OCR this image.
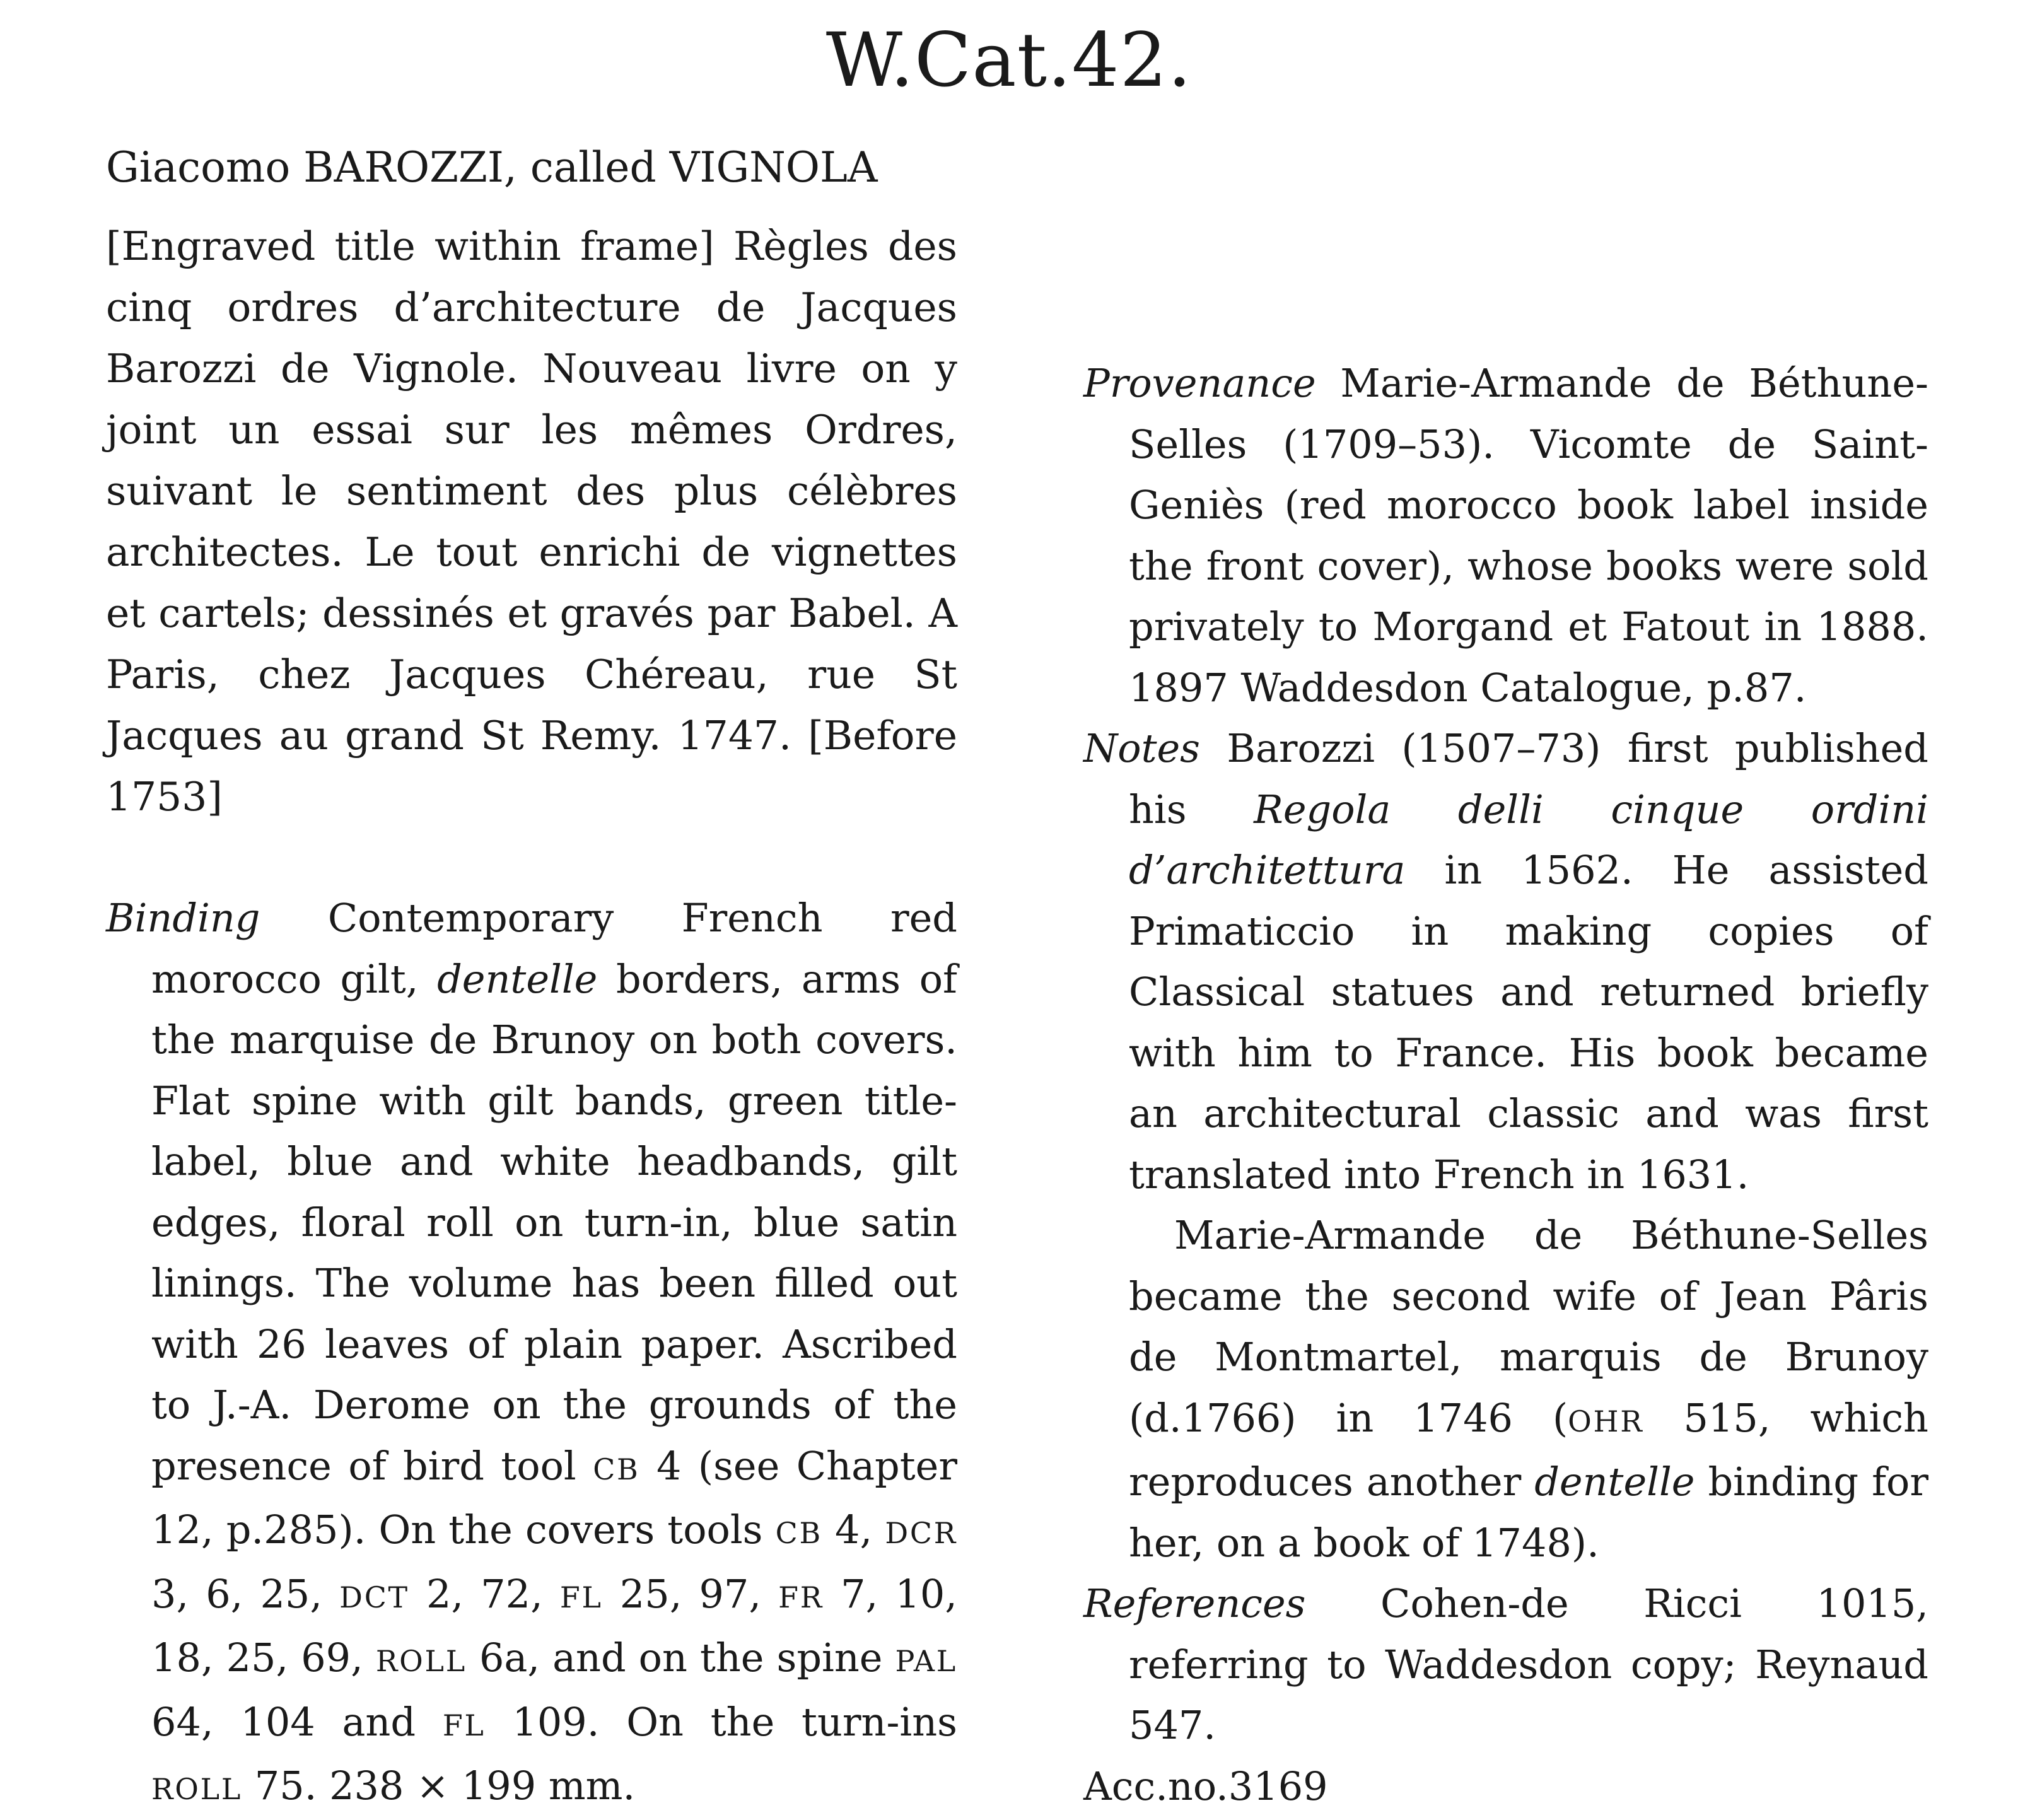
W.Cat.42.

Giacomo BAROZZI, called VIGNOLA

[Engraved title within frame] Règles des cinq ordres d’architecture de Jacques Barozzi de Vignole. Nouveau livre on y joint un essai sur les mêmes Ordres, suivant le sentiment des plus célèbres architectes. Le tout enrichi de vignettes et cartels; dessinés et gravés par Babel. A Paris, chez Jacques Chéreau, rue St Jacques au grand St Remy. 1747. [Before 1753]

Binding Contemporary French red morocco gilt, dentelle borders, arms of the marquise de Brunoy on both covers. Flat spine with gilt bands, green title-label, blue and white headbands, gilt edges, floral roll on turn-in, blue satin linings. The volume has been filled out with 26 leaves of plain paper. Ascribed to J.-A. Derome on the grounds of the presence of bird tool CB 4 (see Chapter 12, p.285). On the covers tools CB 4, DCR 3, 6, 25, DCT 2, 72, FL 25, 97, FR 7, 10, 18, 25, 69, ROLL 6a, and on the spine PAL 64, 104 and FL 109. On the turn-ins ROLL 75. 238 × 199 mm.

Provenance Marie-Armande de Béthune-Selles (1709–53). Vicomte de Saint-Geniès (red morocco book label inside the front cover), whose books were sold privately to Morgand et Fatout in 1888. 1897 Waddesdon Catalogue, p.87.

Notes Barozzi (1507–73) first published his Regola delli cinque ordini d’architettura in 1562. He assisted Primaticcio in making copies of Classical statues and returned briefly with him to France. His book became an architectural classic and was first translated into French in 1631.

Marie-Armande de Béthune-Selles became the second wife of Jean Pâris de Montmartel, marquis de Brunoy (d.1766) in 1746 (OHR 515, which reproduces another dentelle binding for her, on a book of 1748).

References Cohen-de Ricci 1015, referring to Waddesdon copy; Reynaud 547.

Acc.no.3169
